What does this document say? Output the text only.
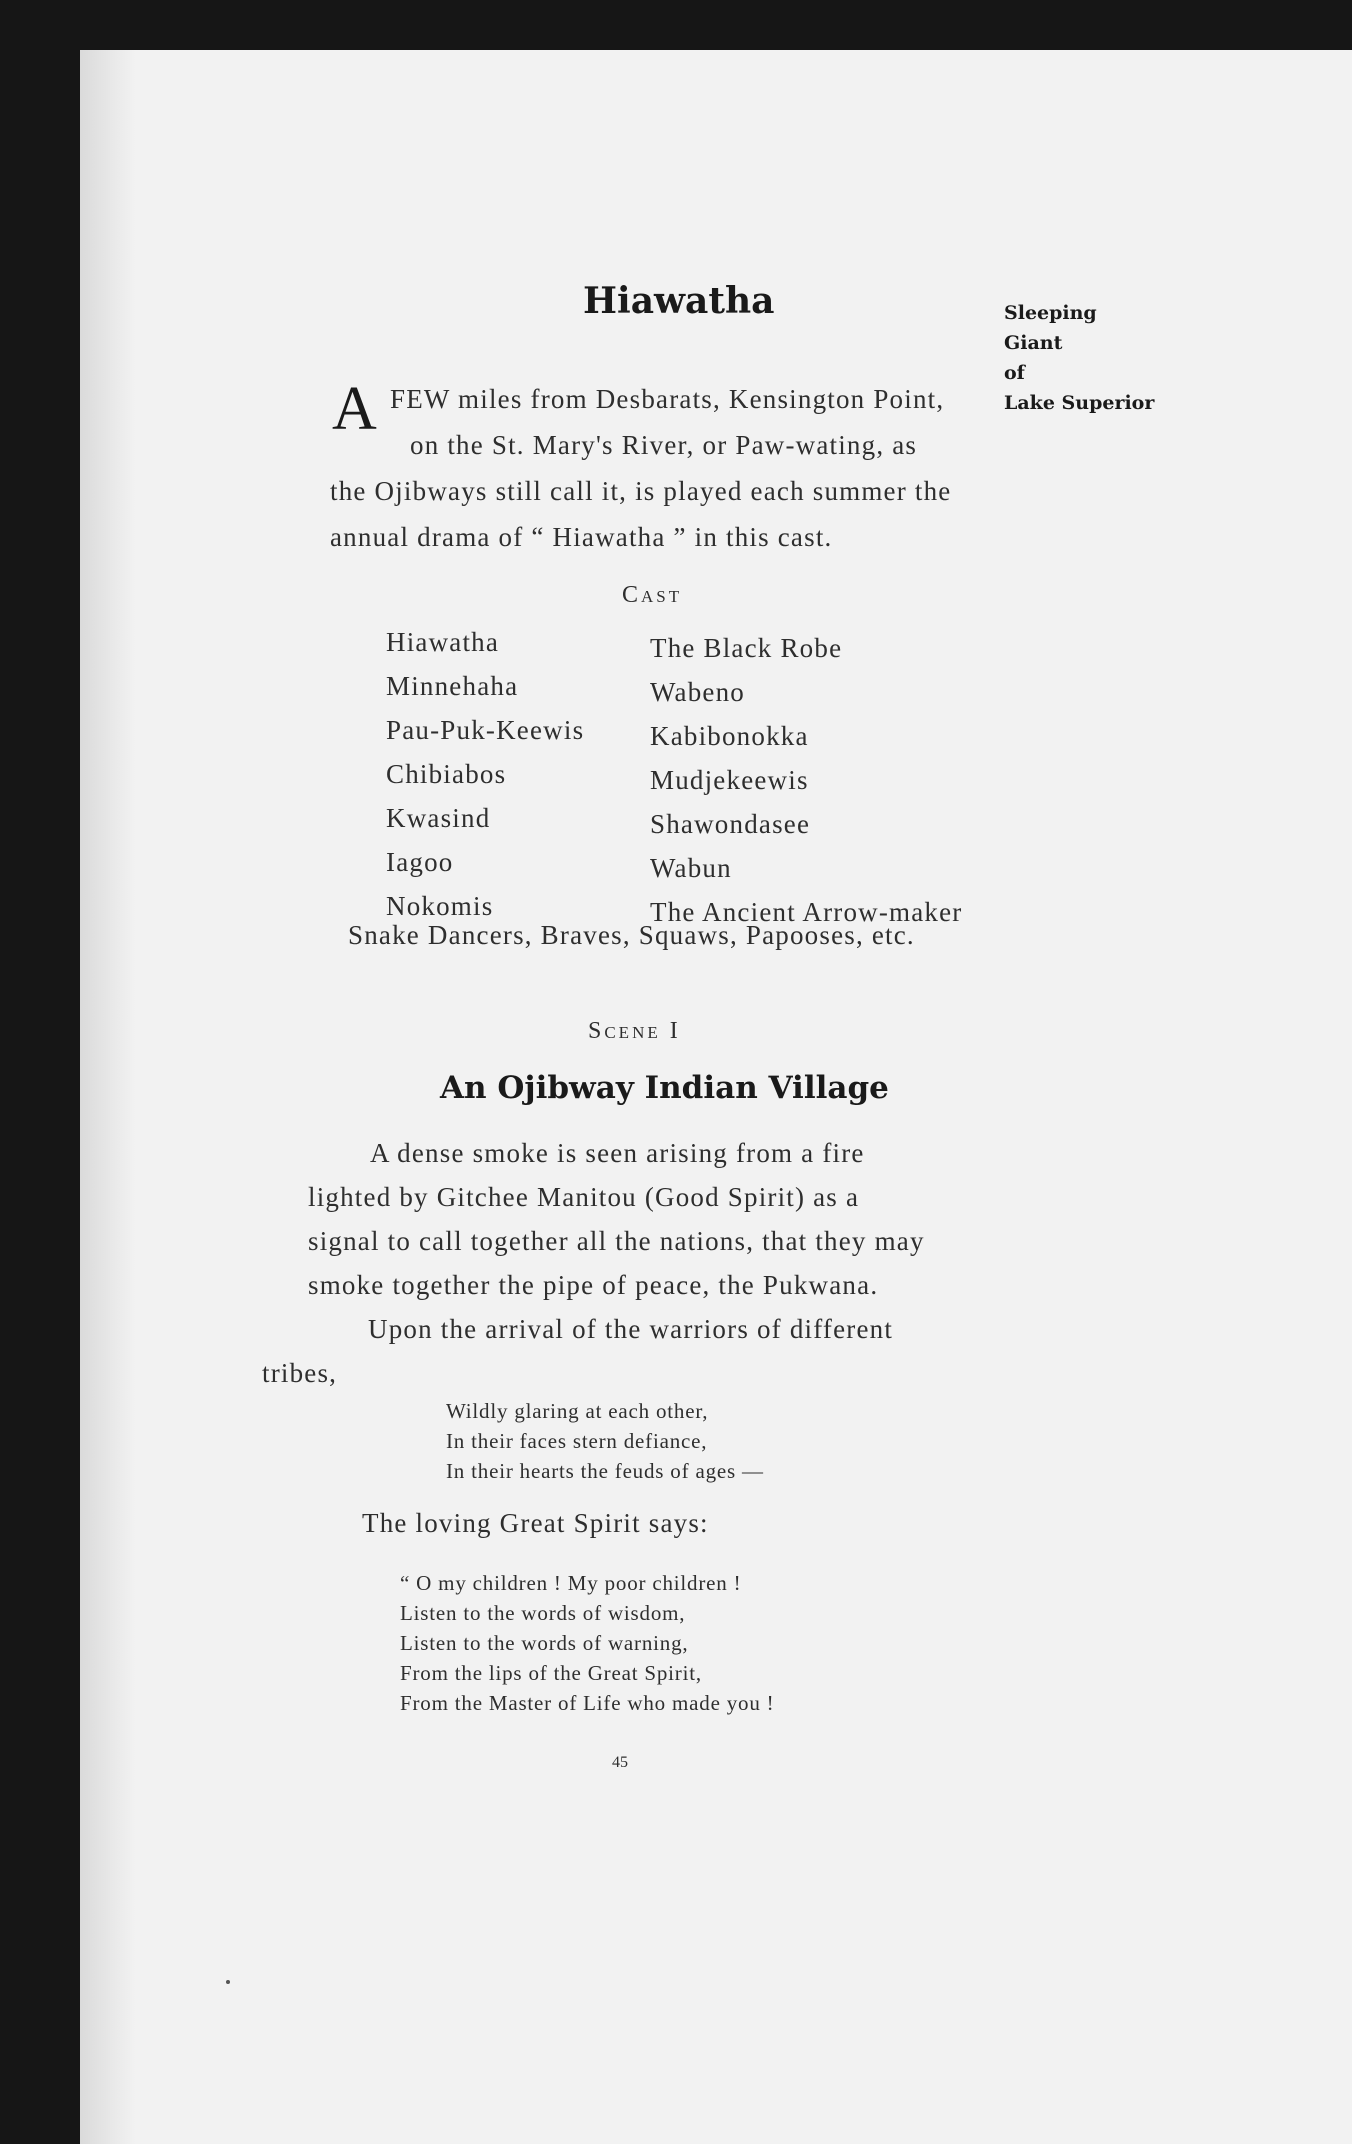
Hiawatha	Sleeping
Giant
of
Lake Superior
A FEW miles from Desbarats, Kensington Point,
on the St. Mary's River, or Paw-wating, as
the Ojibways still call it, is played each summer the
annual drama of “ Hiawatha ” in this cast.
Cast
Hiawatha
Minnehaha
Pau-Puk-Keewis
Chibiabos
Kwasind
Iagoo
Nokomis
The Black Robe
Wabeno
Kabibonokka
Mudjekeewis
Shawondasee
Wabun
The Ancient Arrow-maker
Snake Dancers, Braves, Squaws, Papooses, etc.
Scene I
An Ojibway Indian Village
A dense smoke is seen arising from a fire
lighted by Gitchee Manitou (Good Spirit) as a
signal to call together all the nations, that they may
smoke together the pipe of peace, the Pukwana.
Upon the arrival of the warriors of different
tribes,
Wildly glaring at each other,
In their faces stern defiance,
In their hearts the feuds of ages —
The loving Great Spirit says:
“ O my children ! My poor children !
Listen to the words of wisdom,
Listen to the words of warning,
From the lips of the Great Spirit,
From the Master of Life who made you !
45
